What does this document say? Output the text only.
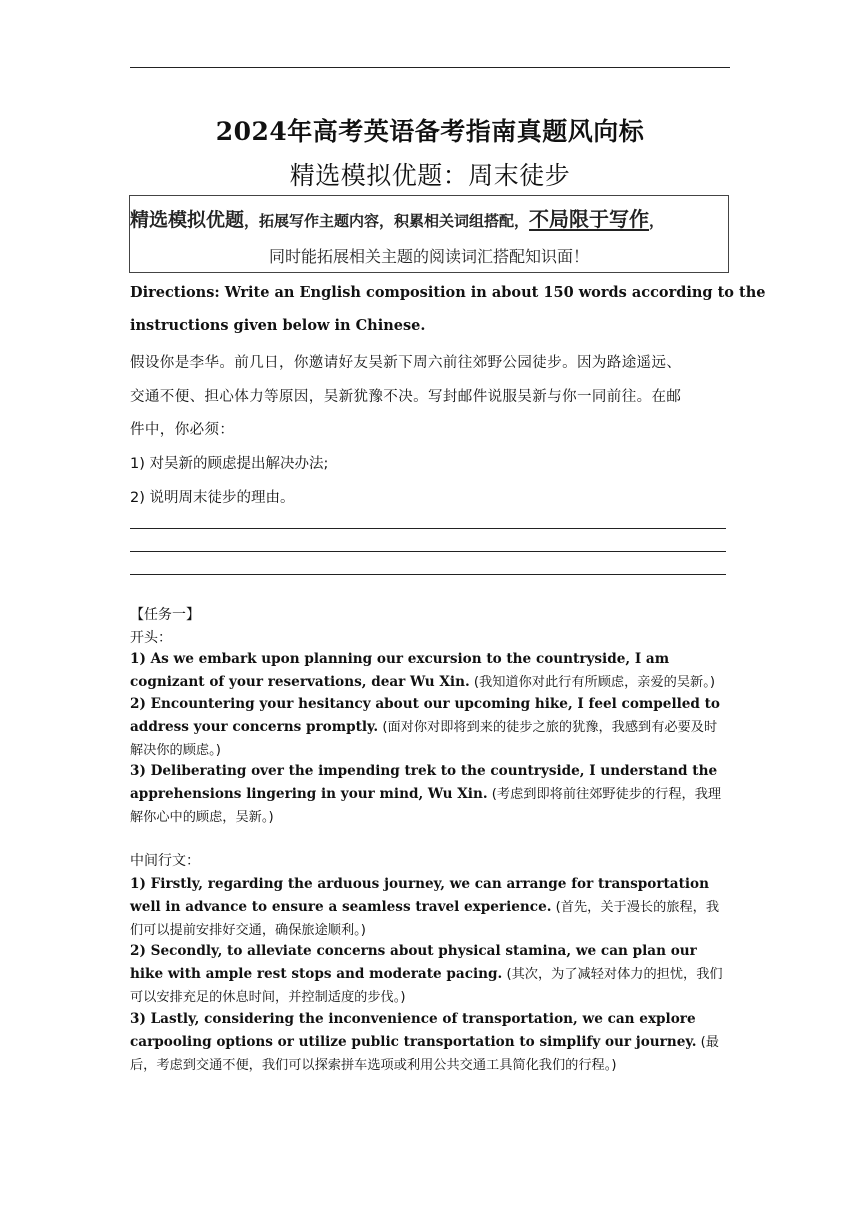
2024年高考英语备考指南真题风向标
精选模拟优题：周末徒步
精选模拟优题，拓展写作主题内容，积累相关词组搭配，不局限于写作，
同时能拓展相关主题的阅读词汇搭配知识面！
Directions: Write an English composition in about 150 words according to the
instructions given below in Chinese.
假设你是李华。前几日，你邀请好友吴新下周六前往郊野公园徒步。因为路途遥远、
交通不便、担心体力等原因，吴新犹豫不决。写封邮件说服吴新与你一同前往。在邮
件中，你必须：
1) 对吴新的顾虑提出解决办法;
2) 说明周末徒步的理由。
【任务一】
开头：
1) As we embark upon planning our excursion to the countryside, I am cognizant of your reservations, dear Wu Xin. (我知道你对此行有所顾虑，亲爱的吴新。)
2) Encountering your hesitancy about our upcoming hike, I feel compelled to address your concerns promptly. (面对你对即将到来的徒步之旅的犹豫，我感到有必要及时解决你的顾虑。)
3) Deliberating over the impending trek to the countryside, I understand the apprehensions lingering in your mind, Wu Xin. (考虑到即将前往郊野徒步的行程，我理解你心中的顾虑，吴新。)
中间行文：
1) Firstly, regarding the arduous journey, we can arrange for transportation well in advance to ensure a seamless travel experience. (首先，关于漫长的旅程，我们可以提前安排好交通，确保旅途顺利。)
2) Secondly, to alleviate concerns about physical stamina, we can plan our hike with ample rest stops and moderate pacing. (其次，为了减轻对体力的担忧，我们可以安排充足的休息时间，并控制适度的步伐。)
3) Lastly, considering the inconvenience of transportation, we can explore carpooling options or utilize public transportation to simplify our journey. (最后，考虑到交通不便，我们可以探索拼车选项或利用公共交通工具简化我们的行程。)
